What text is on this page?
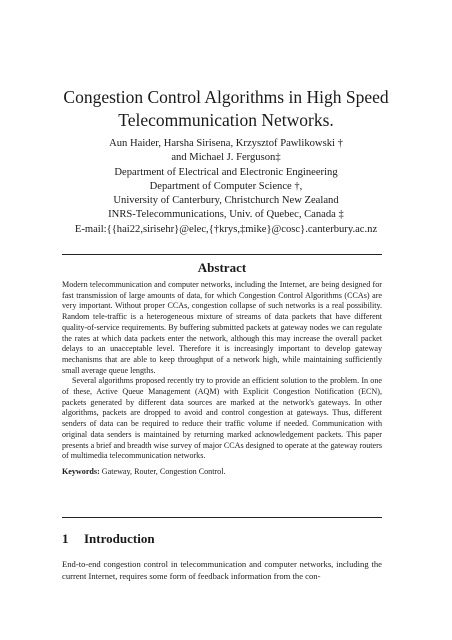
Congestion Control Algorithms in High Speed
Telecommunication Networks.
Aun Haider, Harsha Sirisena, Krzysztof Pawlikowski †
and Michael J. Ferguson‡
Department of Electrical and Electronic Engineering
Department of Computer Science †,
University of Canterbury, Christchurch New Zealand
INRS-Telecommunications, Univ. of Quebec, Canada ‡
E-mail:{{hai22,sirisehr}@elec,{†krys,‡mike}@cosc}.canterbury.ac.nz
Abstract

Modern telecommunication and computer networks, including the Internet, are being designed for fast transmission of large amounts of data, for which Congestion Control Algorithms (CCAs) are very important. Without proper CCAs, congestion collapse of such networks is a real possibility. Random tele-traffic is a heterogeneous mixture of streams of data packets that have different quality-of-service requirements. By buffering submitted packets at gateway nodes we can regulate the rates at which data packets enter the network, although this may increase the overall packet delays to an unacceptable level. Therefore it is increasingly important to develop gateway mechanisms that are able to keep throughput of a network high, while maintaining sufficiently small average queue lengths.

Several algorithms proposed recently try to provide an efficient solution to the problem. In one of these, Active Queue Management (AQM) with Explicit Congestion Notification (ECN), packets generated by different data sources are marked at the network's gateways. In other algorithms, packets are dropped to avoid and control congestion at gateways. Thus, different senders of data can be required to reduce their traffic volume if needed. Communication with original data senders is maintained by returning marked acknowledgement packets. This paper presents a brief and breadth wise survey of major CCAs designed to operate at the gateway routers of multimedia telecommunication networks.

Keywords: Gateway, Router, Congestion Control.

1 Introduction

End-to-end congestion control in telecommunication and computer networks, including the current Internet, requires some form of feedback information from the con-
